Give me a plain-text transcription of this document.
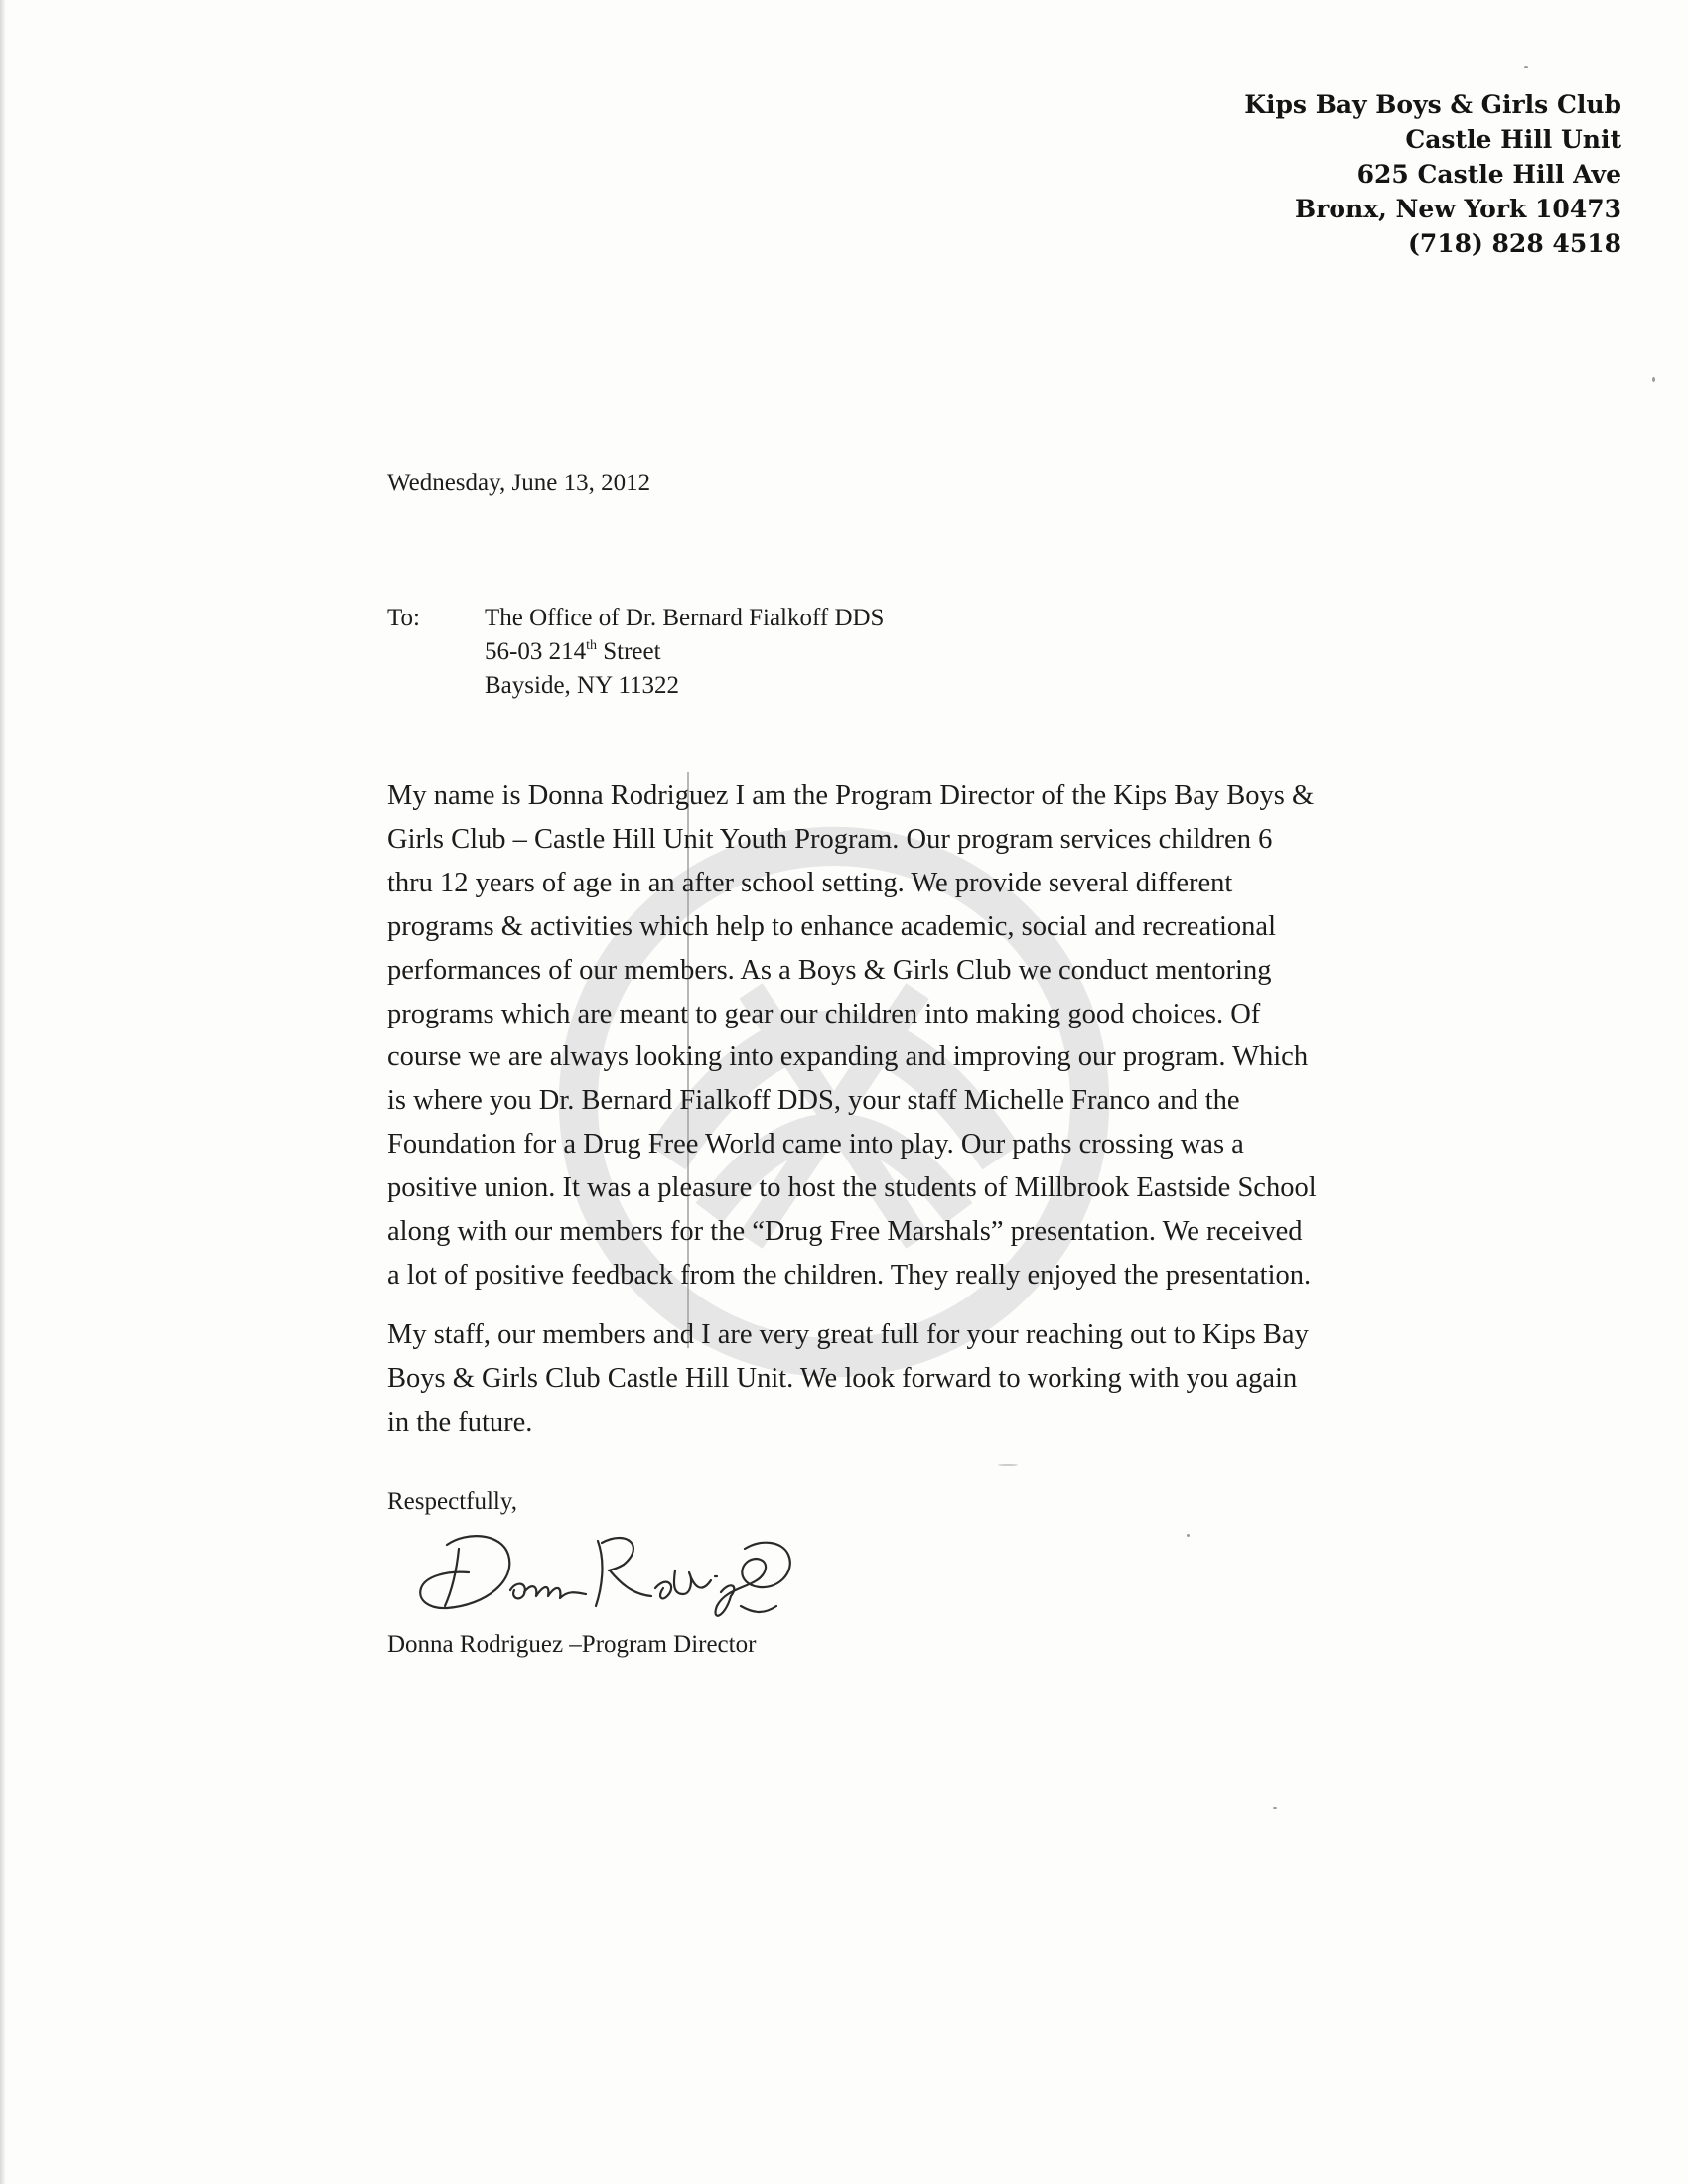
Kips Bay Boys & Girls Club
Castle Hill Unit
625 Castle Hill Ave
Bronx, New York 10473
(718) 828 4518
Wednesday, June 13, 2012
To:	The Office of Dr. Bernard Fialkoff DDS
56-03 214th Street
Bayside, NY 11322

My name is Donna Rodriguez I am the Program Director of the Kips Bay Boys &
Girls Club – Castle Hill Unit Youth Program. Our program services children 6
thru 12 years of age in an after school setting. We provide several different
programs & activities which help to enhance academic, social and recreational
performances of our members. As a Boys & Girls Club we conduct mentoring
programs which are meant to gear our children into making good choices. Of
course we are always looking into expanding and improving our program. Which
is where you Dr. Bernard Fialkoff DDS, your staff Michelle Franco and the
Foundation for a Drug Free World came into play. Our paths crossing was a
positive union. It was a pleasure to host the students of Millbrook Eastside School
along with our members for the “Drug Free Marshals” presentation. We received
a lot of positive feedback from the children. They really enjoyed the presentation.

My staff, our members and I are very great full for your reaching out to Kips Bay
Boys & Girls Club Castle Hill Unit. We look forward to working with you again
in the future.

Respectfully,
Donna Rodriguez –Program Director
